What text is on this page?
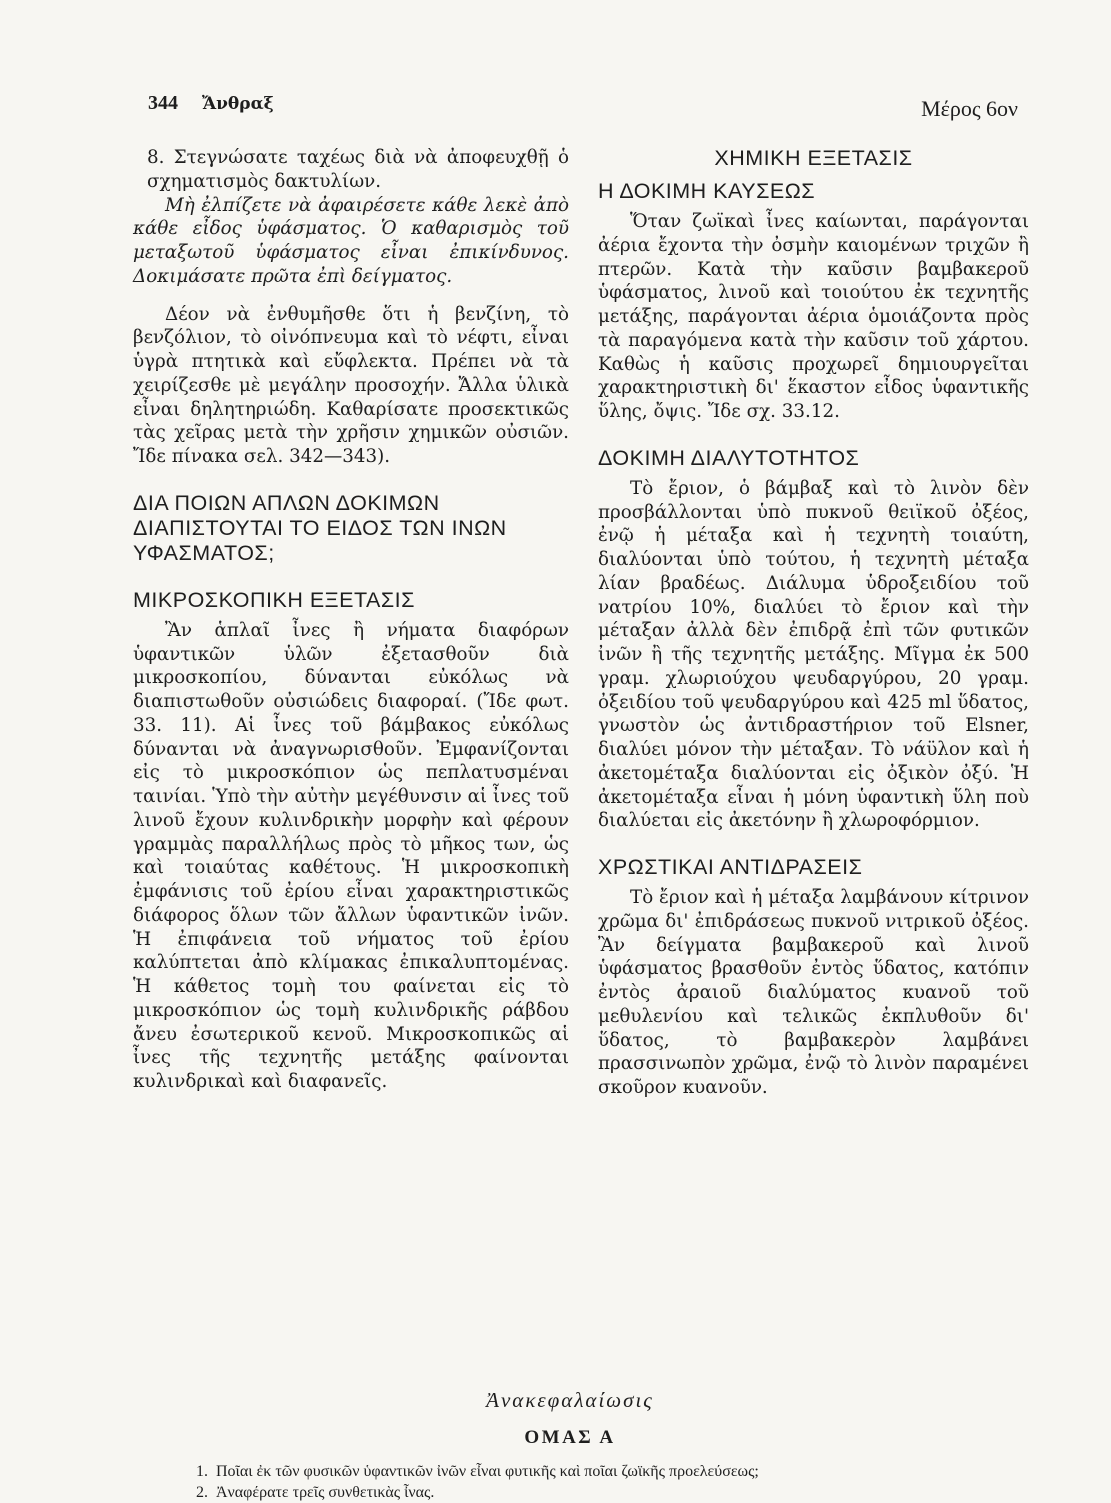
344 Ἄνθραξ	Μέρος 6ον

8. Στεγνώσατε ταχέως διὰ νὰ ἀποφευχθῇ ὁ σχηματισμὸς δακτυλίων.

Μὴ ἐλπίζετε νὰ ἀφαιρέσετε κάθε λεκὲ ἀπὸ κάθε εἶδος ὑφάσματος. Ὁ καθαρισμὸς τοῦ μεταξωτοῦ ὑφάσματος εἶναι ἐπικίνδυνος. Δοκιμάσατε πρῶτα ἐπὶ δείγματος.

Δέον νὰ ἐνθυμῆσθε ὅτι ἡ βενζίνη, τὸ βενζόλιον, τὸ οἰνόπνευμα καὶ τὸ νέφτι, εἶναι ὑγρὰ πτητικὰ καὶ εὔφλεκτα. Πρέπει νὰ τὰ χειρίζεσθε μὲ μεγάλην προσοχήν. Ἄλλα ὑλικὰ εἶναι δηλητηριώδη. Καθαρίσατε προσεκτικῶς τὰς χεῖρας μετὰ τὴν χρῆσιν χημικῶν οὐσιῶν. Ἴδε πίνακα σελ. 342—343).

ΔΙΑ ΠΟΙΩΝ ΑΠΛΩΝ ΔΟΚΙΜΩΝ ΔΙΑΠΙΣΤΟΥΤΑΙ ΤΟ ΕΙΔΟΣ ΤΩΝ ΙΝΩΝ ΥΦΑΣΜΑΤΟΣ;
ΜΙΚΡΟΣΚΟΠΙΚΗ ΕΞΕΤΑΣΙΣ

Ἂν ἁπλαῖ ἶνες ἢ νήματα διαφόρων ὑφαντικῶν ὑλῶν ἐξετασθοῦν διὰ μικροσκοπίου, δύνανται εὐκόλως νὰ διαπιστωθοῦν οὐσιώδεις διαφοραί. (Ἴδε φωτ. 33. 11). Αἱ ἶνες τοῦ βάμβακος εὐκόλως δύνανται νὰ ἀναγνωρισθοῦν. Ἐμφανίζονται εἰς τὸ μικροσκόπιον ὡς πεπλατυσμέναι ταινίαι. Ὑπὸ τὴν αὐτὴν μεγέθυνσιν αἱ ἶνες τοῦ λινοῦ ἔχουν κυλινδρικὴν μορφὴν καὶ φέρουν γραμμὰς παραλλήλως πρὸς τὸ μῆκος των, ὡς καὶ τοιαύτας καθέτους. Ἡ μικροσκοπικὴ ἐμφάνισις τοῦ ἐρίου εἶναι χαρακτηριστικῶς διάφορος ὅλων τῶν ἄλλων ὑφαντικῶν ἰνῶν. Ἡ ἐπιφάνεια τοῦ νήματος τοῦ ἐρίου καλύπτεται ἀπὸ κλίμακας ἐπικαλυπτομένας. Ἡ κάθετος τομὴ του φαίνεται εἰς τὸ μικροσκόπιον ὡς τομὴ κυλινδρικῆς ράβδου ἄνευ ἐσωτερικοῦ κενοῦ. Μικροσκοπικῶς αἱ ἶνες τῆς τεχνητῆς μετάξης φαίνονται κυλινδρικαὶ καὶ διαφανεῖς.

ΧΗΜΙΚΗ ΕΞΕΤΑΣΙΣ
Η ΔΟΚΙΜΗ ΚΑΥΣΕΩΣ

Ὅταν ζωϊκαὶ ἶνες καίωνται, παράγονται ἀέρια ἔχοντα τὴν ὀσμὴν καιομένων τριχῶν ἢ πτερῶν. Κατὰ τὴν καῦσιν βαμβακεροῦ ὑφάσματος, λινοῦ καὶ τοιούτου ἐκ τεχνητῆς μετάξης, παράγονται ἀέρια ὁμοιάζοντα πρὸς τὰ παραγόμενα κατὰ τὴν καῦσιν τοῦ χάρτου. Καθὼς ἡ καῦσις προχωρεῖ δημιουργεῖται χαρακτηριστικὴ δι' ἕκαστον εἶδος ὑφαντικῆς ὕλης, ὄψις. Ἴδε σχ. 33.12.

ΔΟΚΙΜΗ ΔΙΑΛΥΤΟΤΗΤΟΣ

Τὸ ἔριον, ὁ βάμβαξ καὶ τὸ λινὸν δὲν προσβάλλονται ὑπὸ πυκνοῦ θειϊκοῦ ὀξέος, ἐνῷ ἡ μέταξα καὶ ἡ τεχνητὴ τοιαύτη, διαλύονται ὑπὸ τούτου, ἡ τεχνητὴ μέταξα λίαν βραδέως. Διάλυμα ὑδροξειδίου τοῦ νατρίου 10%, διαλύει τὸ ἔριον καὶ τὴν μέταξαν ἀλλὰ δὲν ἐπιδρᾷ ἐπὶ τῶν φυτικῶν ἰνῶν ἢ τῆς τεχνητῆς μετάξης. Μῖγμα ἐκ 500 γραμ. χλωριούχου ψευδαργύρου, 20 γραμ. ὀξειδίου τοῦ ψευδαργύρου καὶ 425 ml ὕδατος, γνωστὸν ὡς ἀντιδραστήριον τοῦ Elsner, διαλύει μόνον τὴν μέταξαν. Τὸ νάϋλον καὶ ἡ ἀκετομέταξα διαλύονται εἰς ὀξικὸν ὀξύ. Ἡ ἀκετομέταξα εἶναι ἡ μόνη ὑφαντικὴ ὕλη ποὺ διαλύεται εἰς ἀκετόνην ἢ χλωροφόρμιον.

ΧΡΩΣΤΙΚΑΙ ΑΝΤΙΔΡΑΣΕΙΣ

Τὸ ἔριον καὶ ἡ μέταξα λαμβάνουν κίτρινον χρῶμα δι' ἐπιδράσεως πυκνοῦ νιτρικοῦ ὀξέος. Ἂν δείγματα βαμβακεροῦ καὶ λινοῦ ὑφάσματος βρασθοῦν ἐντὸς ὕδατος, κατόπιν ἐντὸς ἀραιοῦ διαλύματος κυανοῦ τοῦ μεθυλενίου καὶ τελικῶς ἐκπλυθοῦν δι' ὕδατος, τὸ βαμβακερὸν λαμβάνει πρασσινωπὸν χρῶμα, ἐνῷ τὸ λινὸν παραμένει σκοῦρον κυανοῦν.

Ἀνακεφαλαίωσις
ΟΜΑΣ Α
1. Ποῖαι ἐκ τῶν φυσικῶν ὑφαντικῶν ἰνῶν εἶναι φυτικῆς καὶ ποῖαι ζωϊκῆς προελεύσεως;
2. Ἀναφέρατε τρεῖς συνθετικὰς ἶνας.
